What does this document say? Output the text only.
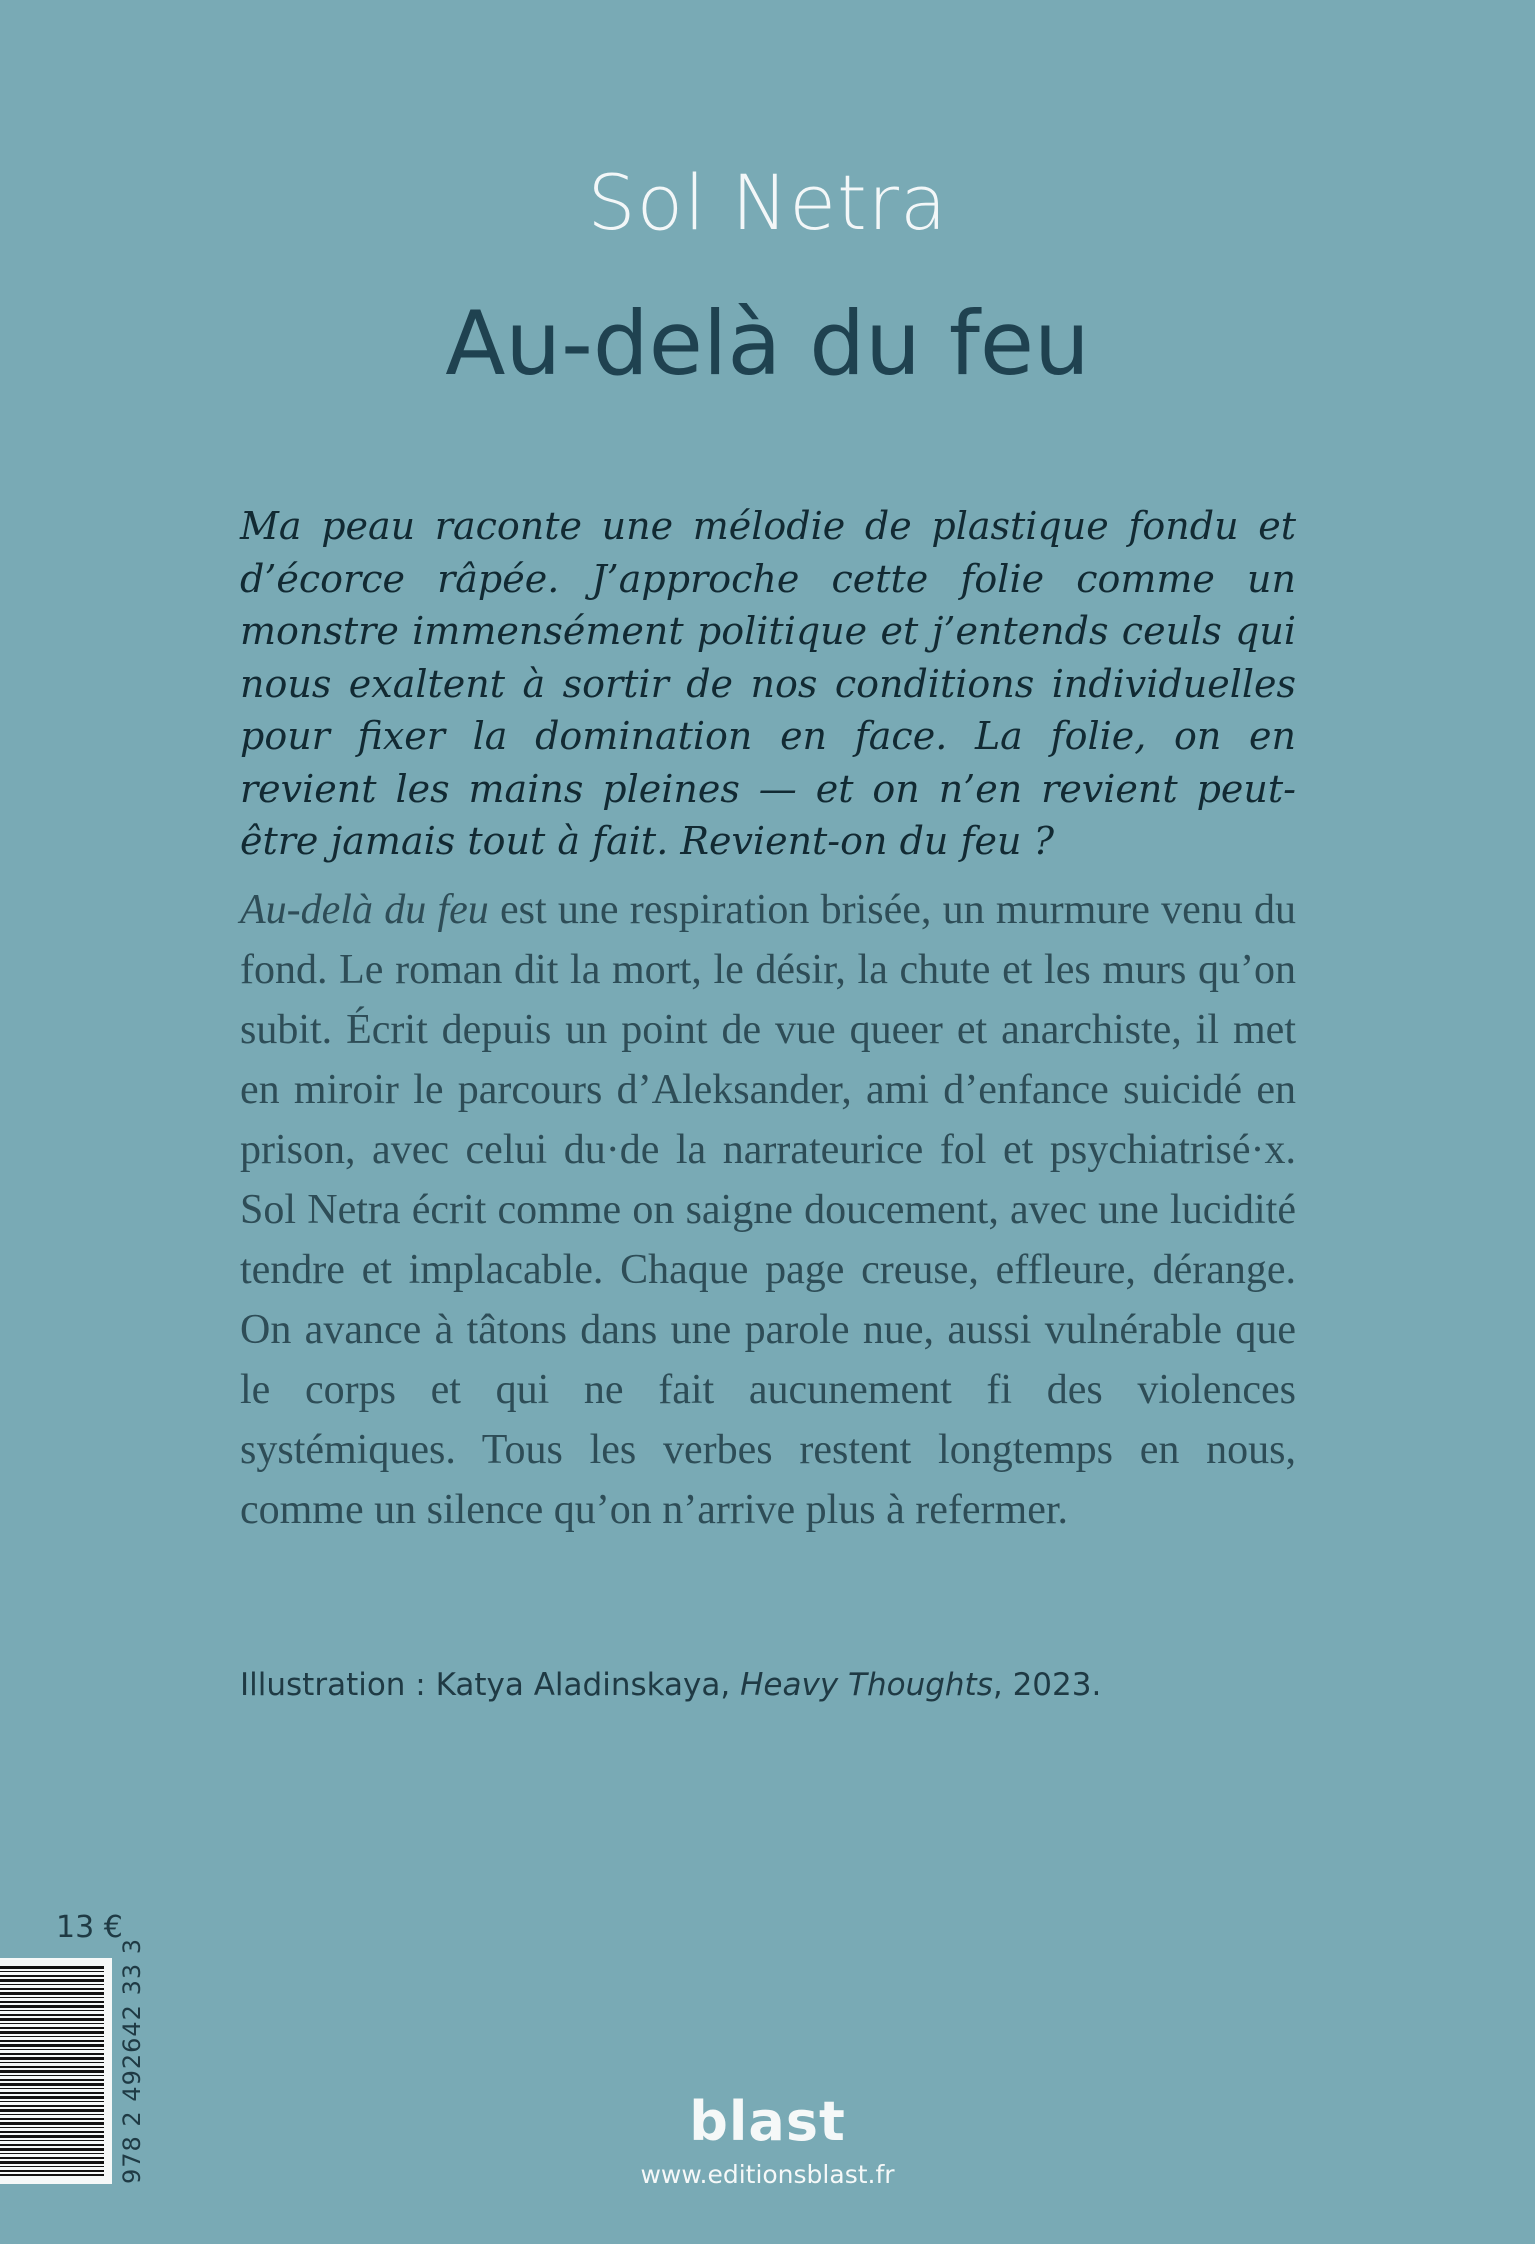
Sol Netra
Au-delà du feu

Ma peau raconte une mélodie de plastique fondu et d’écorce râpée. J’approche cette folie comme un monstre immensément politique et j’entends ceuls qui nous exaltent à sortir de nos conditions individuelles pour fixer la domination en face. La folie, on en revient les mains pleines — et on n’en revient peut-être jamais tout à fait. Revient-on du feu ?

Au-delà du feu est une respiration brisée, un murmure venu du fond. Le roman dit la mort, le désir, la chute et les murs qu’on subit. Écrit depuis un point de vue queer et anarchiste, il met en miroir le parcours d’Aleksander, ami d’enfance suicidé en prison, avec celui du·de la narrateurice fol et psychiatrisé·x. Sol Netra écrit comme on saigne doucement, avec une lucidité tendre et implacable. Chaque page creuse, effleure, dérange. On avance à tâtons dans une parole nue, aussi vulnérable que le corps et qui ne fait aucunement fi des violences systémiques. Tous les verbes restent longtemps en nous, comme un silence qu’on n’arrive plus à refermer.

Illustration : Katya Aladinskaya, Heavy Thoughts, 2023.
13 €
978 2 492642 33 3	blast
www.editionsblast.fr
